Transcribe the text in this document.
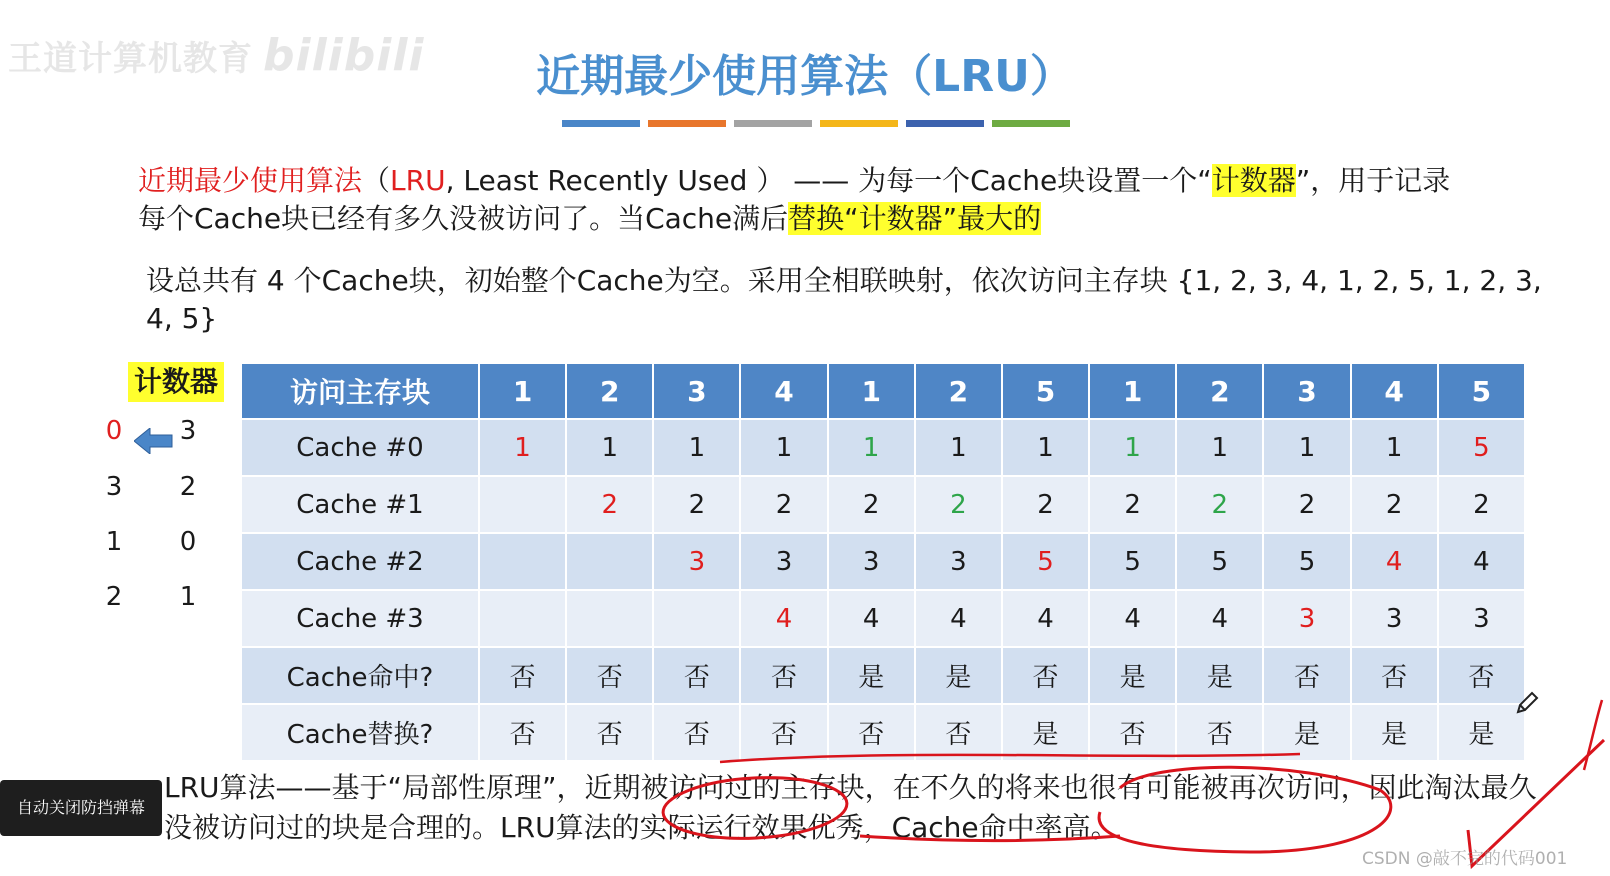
王道计算机教育 bilibili	近期最少使用算法（LRU）
近期最少使用算法（LRU, Least Recently Used ） —— 为每一个Cache块设置一个“计数器”，用于记录
每个Cache块已经有多久没被访问了。当Cache满后替换“计数器”最大的
设总共有 4 个Cache块，初始整个Cache为空。采用全相联映射，依次访问主存块 {1, 2, 3, 4, 1, 2, 5, 1, 2, 3, 4, 5}
计数器
0	3
3	2
1	0
2	1
访问主存块	1	2	3	4	1	2	5	1	2	3	4	5
Cache #0	1	1	1	1	1	1	1	1	1	1	1	5
Cache #1		2	2	2	2	2	2	2	2	2	2	2
Cache #2			3	3	3	3	5	5	5	5	4	4
Cache #3				4	4	4	4	4	4	3	3	3
Cache命中?	否	否	否	否	是	是	否	是	是	否	否	否
Cache替换?	否	否	否	否	否	否	是	否	否	是	是	是
LRU算法——基于“局部性原理”，近期被访问过的主存块，在不久的将来也很有可能被再次访问，因此淘汰最久没被访问过的块是合理的。LRU算法的实际运行效果优秀，Cache命中率高。
自动关闭防挡弹幕
CSDN @敲不完的代码001
